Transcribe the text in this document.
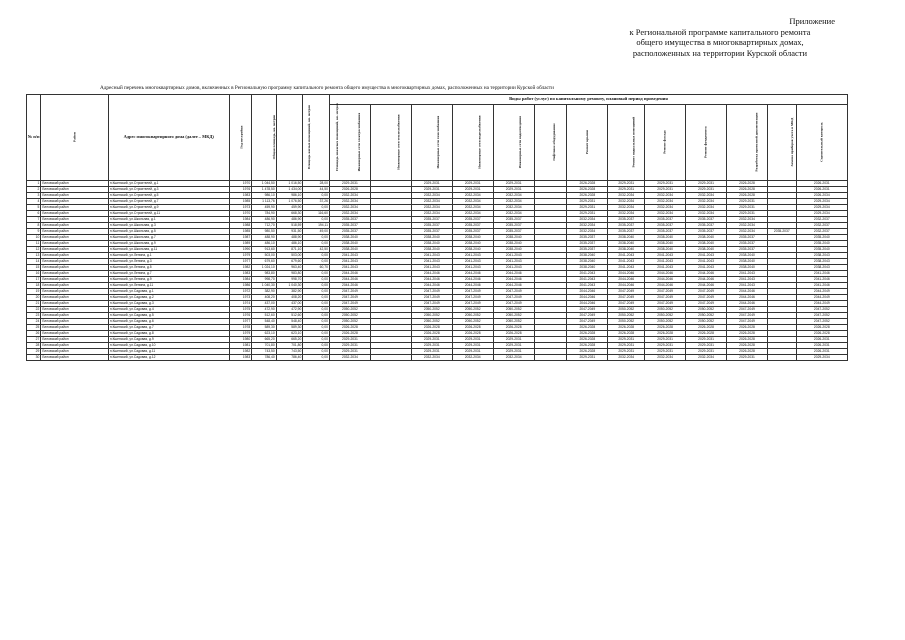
Приложение
к Региональной программе капитального ремонта
общего имущества в многоквартирных домах,
расположенных на территории Курской области
Адресный перечень многоквартирных домов, включенных в Региональную программу капитального ремонта общего имущества в многоквартирных домах, расположенных на территории Курской области
№ п/п	Район	Адрес многоквартирного дома (далее – МКД)	Год постройки	Общая площадь, кв. метров	Площадь жилых помещений, кв. метров	Площадь нежилых помещений, кв. метров	Виды работ (услуг) по капитальному ремонту, плановый период проведения												
							Инженерные сети электроснабжения	Инженерные сети теплоснабжения	Инженерные сети газоснабжения	Инженерные сети водоснабжения	Инженерные сети водоотведения	Лифтовое оборудование	Ремонт крыши	Ремонт подвальных помещений	Ремонт фасада	Ремонт фундамента	Разработка проектной документации	Замена приборов учета в МКД	Строительный контроль
1	Беловский район	п.Кшенский, ул.Строителей, д.1	1970	1 044,50	1 016,50	28,00	2029-2031		2029-2031	2029-2031	2029-2031		2026-2028	2029-2031	2029-2031	2029-2031	2026-2028		2026-2031
2	Беловский район	п.Кшенский, ул.Строителей, д.3	1976	1 478,50	1 434,00	44,50	2026-2028		2029-2031	2029-2031	2029-2031		2026-2028	2029-2031	2029-2031	2029-2031	2026-2028		2026-2031
3	Беловский район	п.Кшенский, ул.Строителей, д.5	1983	986,10	986,10	0,00	2032-2034		2032-2034	2032-2034	2032-2034		2026-2028	2032-2034	2032-2034	2032-2034	2026-2028		2026-2034
4	Беловский район	п.Кшенский, ул.Строителей, д.7	1985	1 113,76	1 076,50	37,26	2032-2034		2032-2034	2032-2034	2032-2034		2029-2031	2032-2034	2032-2034	2032-2034	2029-2031		2029-2034
5	Беловский район	п.Кшенский, ул.Строителей, д.9	1973	459,90	459,90	0,00	2032-2034		2032-2034	2032-2034	2032-2034		2029-2031	2032-2034	2032-2034	2032-2034	2029-2031		2029-2034
6	Беловский район	п.Кшенский, ул.Строителей, д.11	1970	784,90	668,30	116,60	2032-2034		2032-2034	2032-2034	2032-2034		2029-2031	2032-2034	2032-2034	2032-2034	2029-2031		2029-2034
7	Беловский район	п.Кшенский, ул.Школьная, д.1	1984	486,90	486,90	0,00	2035-2037		2035-2037	2035-2037	2035-2037		2032-2034	2035-2037	2035-2037	2035-2037	2032-2034		2032-2037
8	Беловский район	п.Кшенский, ул.Школьная, д.3	1988	712,70	518,59	194,11	2035-2037		2035-2037	2035-2037	2035-2037		2032-2034	2035-2037	2035-2037	2035-2037	2032-2034		2032-2037
9	Беловский район	п.Кшенский, ул.Школьная, д.5	1985	980,50	931,50	49,00	2035-2037		2035-2037	2035-2037	2035-2037		2032-2034	2035-2037	2035-2037	2035-2037	2032-2034	2035-2037	2032-2037
10	Беловский район	п.Кшенский, ул.Школьная, д.7	1987	488,90	488,90	0,00	2038-2040		2038-2040	2038-2040	2038-2040		2035-2037	2038-2040	2038-2040	2038-2040	2035-2037		2035-2040
11	Беловский район	п.Кшенский, ул.Школьная, д.9	1989	486,10	486,10	0,00	2038-2040		2038-2040	2038-2040	2038-2040		2035-2037	2038-2040	2038-2040	2038-2040	2035-2037		2035-2040
12	Беловский район	п.Кшенский, ул.Школьная, д.11	1990	913,60	871,10	42,50	2038-2040		2038-2040	2038-2040	2038-2040		2035-2037	2038-2040	2038-2040	2038-2040	2035-2037		2035-2040
13	Беловский район	п.Кшенский, ул.Ленина, д.1	1979	503,00	503,00	0,00	2041-2043		2041-2043	2041-2043	2041-2043		2038-2040	2041-2043	2041-2043	2041-2043	2038-2040		2038-2043
14	Беловский район	п.Кшенский, ул.Ленина, д.3	1977	679,60	679,60	0,00	2041-2043		2041-2043	2041-2043	2041-2043		2038-2040	2041-2043	2041-2043	2041-2043	2038-2040		2038-2043
15	Беловский район	п.Кшенский, ул.Ленина, д.5	1982	1 024,10	963,40	60,70	2041-2043		2041-2043	2041-2043	2041-2043		2038-2040	2041-2043	2041-2043	2041-2043	2038-2040		2038-2043
16	Беловский район	п.Кшенский, ул.Ленина, д.7	1983	983,80	983,80	0,00	2044-2046		2044-2046	2044-2046	2044-2046		2041-2043	2044-2046	2044-2046	2044-2046	2041-2043		2041-2046
17	Беловский район	п.Кшенский, ул.Ленина, д.9	1984	998,70	998,70	0,00	2044-2046		2044-2046	2044-2046	2044-2046		2041-2043	2044-2046	2044-2046	2044-2046	2041-2043		2041-2046
18	Беловский район	п.Кшенский, ул.Ленина, д.11	1986	1 040,30	1 040,30	0,00	2044-2046		2044-2046	2044-2046	2044-2046		2041-2043	2044-2046	2044-2046	2044-2046	2041-2043		2041-2046
19	Беловский район	п.Кшенский, ул.Садовая, д.1	1972	382,90	382,90	0,00	2047-2049		2047-2049	2047-2049	2047-2049		2044-2046	2047-2049	2047-2049	2047-2049	2044-2046		2044-2049
20	Беловский район	п.Кшенский, ул.Садовая, д.2	1973	408,20	408,20	0,00	2047-2049		2047-2049	2047-2049	2047-2049		2044-2046	2047-2049	2047-2049	2047-2049	2044-2046		2044-2049
21	Беловский район	п.Кшенский, ул.Садовая, д.3	1974	437,00	437,00	0,00	2047-2049		2047-2049	2047-2049	2047-2049		2044-2046	2047-2049	2047-2049	2047-2049	2044-2046		2044-2049
22	Беловский район	п.Кшенский, ул.Садовая, д.4	1975	472,90	472,90	0,00	2050-2052		2050-2052	2050-2052	2050-2052		2047-2049	2050-2052	2050-2052	2050-2052	2047-2049		2047-2052
23	Беловский район	п.Кшенский, ул.Садовая, д.5	1976	512,60	512,60	0,00	2050-2052		2050-2052	2050-2052	2050-2052		2047-2049	2050-2052	2050-2052	2050-2052	2047-2049		2047-2052
24	Беловский район	п.Кшенский, ул.Садовая, д.6	1977	548,40	548,40	0,00	2050-2052		2050-2052	2050-2052	2050-2052		2047-2049	2050-2052	2050-2052	2050-2052	2047-2049		2047-2052
25	Беловский район	п.Кшенский, ул.Садовая, д.7	1978	589,30	589,30	0,00	2026-2028		2026-2028	2026-2028	2026-2028		2026-2028	2026-2028	2026-2028	2026-2028	2026-2028		2026-2028
26	Беловский район	п.Кшенский, ул.Садовая, д.8	1979	623,10	623,10	0,00	2026-2028		2026-2028	2026-2028	2026-2028		2026-2028	2026-2028	2026-2028	2026-2028	2026-2028		2026-2028
27	Беловский район	п.Кшенский, ул.Садовая, д.9	1980	665,20	665,20	0,00	2029-2031		2029-2031	2029-2031	2029-2031		2026-2028	2029-2031	2029-2031	2029-2031	2026-2028		2026-2031
28	Беловский район	п.Кшенский, ул.Садовая, д.10	1981	701,80	701,80	0,00	2029-2031		2029-2031	2029-2031	2029-2031		2026-2028	2029-2031	2029-2031	2029-2031	2026-2028		2026-2031
29	Беловский район	п.Кшенский, ул.Садовая, д.11	1982	743,50	743,50	0,00	2029-2031		2029-2031	2029-2031	2029-2031		2026-2028	2029-2031	2029-2031	2029-2031	2026-2028		2026-2031
30	Беловский район	п.Кшенский, ул.Садовая, д.12	1983	786,40	786,40	0,00	2032-2034		2032-2034	2032-2034	2032-2034		2029-2031	2032-2034	2032-2034	2032-2034	2029-2031		2029-2034
